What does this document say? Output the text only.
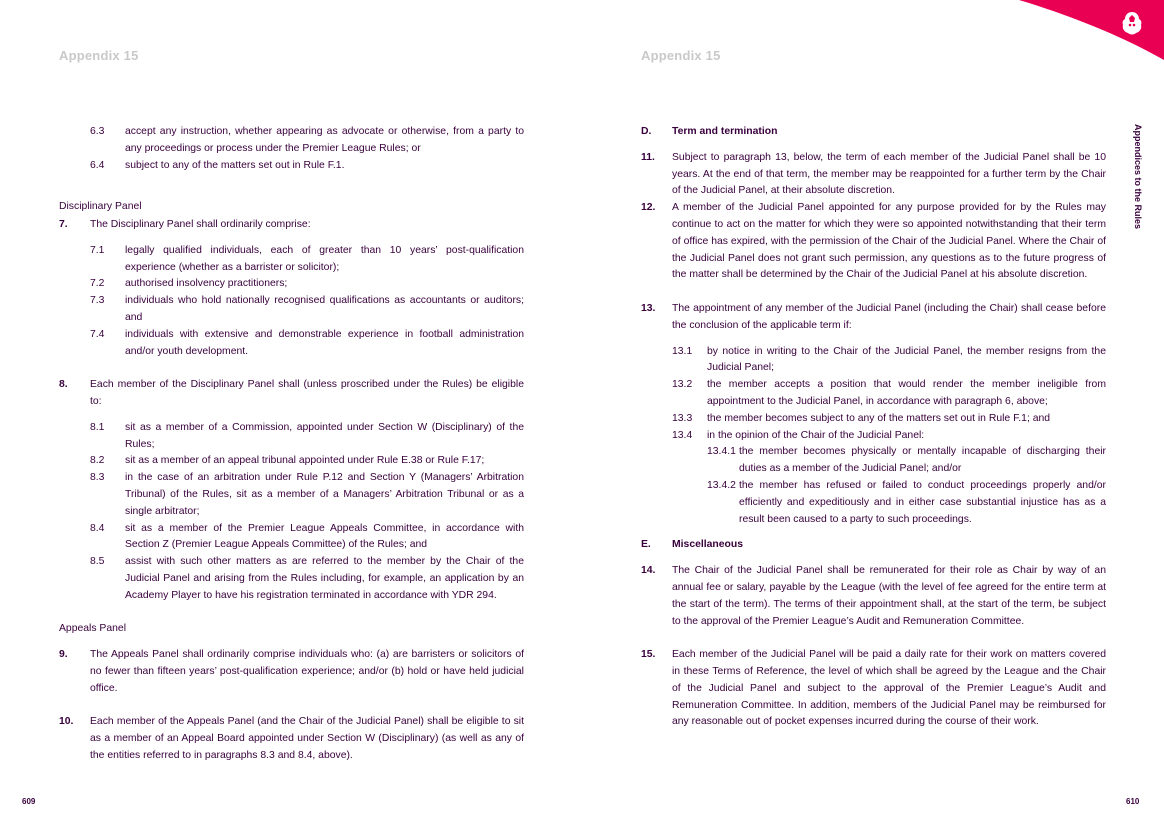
Appendix 15
6.3	accept any instruction, whether appearing as advocate or otherwise, from a party to any proceedings or process under the Premier League Rules; or
6.4	subject to any of the matters set out in Rule F.1.
Disciplinary Panel
7.	The Disciplinary Panel shall ordinarily comprise:
7.1	legally qualified individuals, each of greater than 10 years’ post-qualification experience (whether as a barrister or solicitor);
7.2	authorised insolvency practitioners;
7.3	individuals who hold nationally recognised qualifications as accountants or auditors; and
7.4	individuals with extensive and demonstrable experience in football administration and/or youth development.
8.	Each member of the Disciplinary Panel shall (unless proscribed under the Rules) be eligible to:
8.1	sit as a member of a Commission, appointed under Section W (Disciplinary) of the Rules;
8.2	sit as a member of an appeal tribunal appointed under Rule E.38 or Rule F.17;
8.3	in the case of an arbitration under Rule P.12 and Section Y (Managers’ Arbitration Tribunal) of the Rules, sit as a member of a Managers’ Arbitration Tribunal or as a single arbitrator;
8.4	sit as a member of the Premier League Appeals Committee, in accordance with Section Z (Premier League Appeals Committee) of the Rules; and
8.5	assist with such other matters as are referred to the member by the Chair of the Judicial Panel and arising from the Rules including, for example, an application by an Academy Player to have his registration terminated in accordance with YDR 294.
Appeals Panel
9.	The Appeals Panel shall ordinarily comprise individuals who: (a) are barristers or solicitors of no fewer than fifteen years’ post-qualification experience; and/or (b) hold or have held judicial office.
10.	Each member of the Appeals Panel (and the Chair of the Judicial Panel) shall be eligible to sit as a member of an Appeal Board appointed under Section W (Disciplinary) (as well as any of the entities referred to in paragraphs 8.3 and 8.4, above).
609
Appendix 15
D.	Term and termination
11.	Subject to paragraph 13, below, the term of each member of the Judicial Panel shall be 10 years. At the end of that term, the member may be reappointed for a further term by the Chair of the Judicial Panel, at their absolute discretion.
12.	A member of the Judicial Panel appointed for any purpose provided for by the Rules may continue to act on the matter for which they were so appointed notwithstanding that their term of office has expired, with the permission of the Chair of the Judicial Panel. Where the Chair of the Judicial Panel does not grant such permission, any questions as to the future progress of the matter shall be determined by the Chair of the Judicial Panel at his absolute discretion.
13.	The appointment of any member of the Judicial Panel (including the Chair) shall cease before the conclusion of the applicable term if:
13.1	by notice in writing to the Chair of the Judicial Panel, the member resigns from the Judicial Panel;
13.2	the member accepts a position that would render the member ineligible from appointment to the Judicial Panel, in accordance with paragraph 6, above;
13.3	the member becomes subject to any of the matters set out in Rule F.1; and
13.4	in the opinion of the Chair of the Judicial Panel:
13.4.1 the member becomes physically or mentally incapable of discharging their duties as a member of the Judicial Panel; and/or
13.4.2 the member has refused or failed to conduct proceedings properly and/or efficiently and expeditiously and in either case substantial injustice has as a result been caused to a party to such proceedings.
E.	Miscellaneous
14.	The Chair of the Judicial Panel shall be remunerated for their role as Chair by way of an annual fee or salary, payable by the League (with the level of fee agreed for the entire term at the start of the term). The terms of their appointment shall, at the start of the term, be subject to the approval of the Premier League’s Audit and Remuneration Committee.
15.	Each member of the Judicial Panel will be paid a daily rate for their work on matters covered in these Terms of Reference, the level of which shall be agreed by the League and the Chair of the Judicial Panel and subject to the approval of the Premier League’s Audit and Remuneration Committee. In addition, members of the Judicial Panel may be reimbursed for any reasonable out of pocket expenses incurred during the course of their work.
610
Appendices to the Rules
